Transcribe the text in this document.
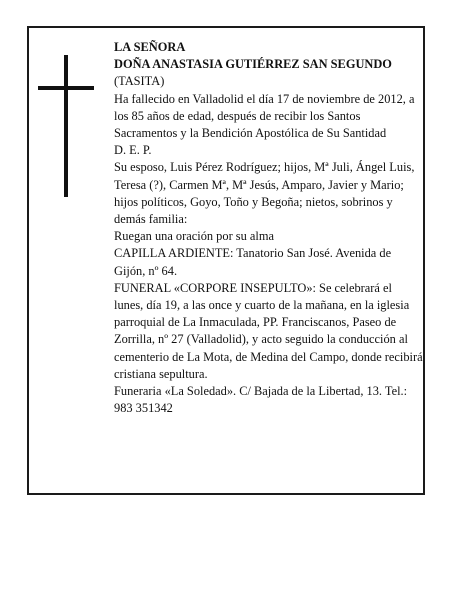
LA SEÑORA
DOÑA ANASTASIA GUTIÉRREZ SAN SEGUNDO
(TASITA)
Ha fallecido en Valladolid el día 17 de noviembre de 2012, a los 85 años de edad, después de recibir los Santos Sacramentos y la Bendición Apostólica de Su Santidad
D. E. P.
Su esposo, Luis Pérez Rodríguez; hijos, Mª Juli, Ángel Luis, Teresa (?), Carmen Mª, Mª Jesús, Amparo, Javier y Mario; hijos políticos, Goyo, Toño y Begoña; nietos, sobrinos y demás familia:
Ruegan una oración por su alma
CAPILLA ARDIENTE: Tanatorio San José. Avenida de Gijón, nº 64.
FUNERAL «CORPORE INSEPULTO»: Se celebrará el lunes, día 19, a las once y cuarto de la mañana, en la iglesia parroquial de La Inmaculada, PP. Franciscanos, Paseo de Zorrilla, nº 27 (Valladolid), y acto seguido la conducción al cementerio de La Mota, de Medina del Campo, donde recibirá cristiana sepultura.
Funeraria «La Soledad». C/ Bajada de la Libertad, 13. Tel.: 983 351342
